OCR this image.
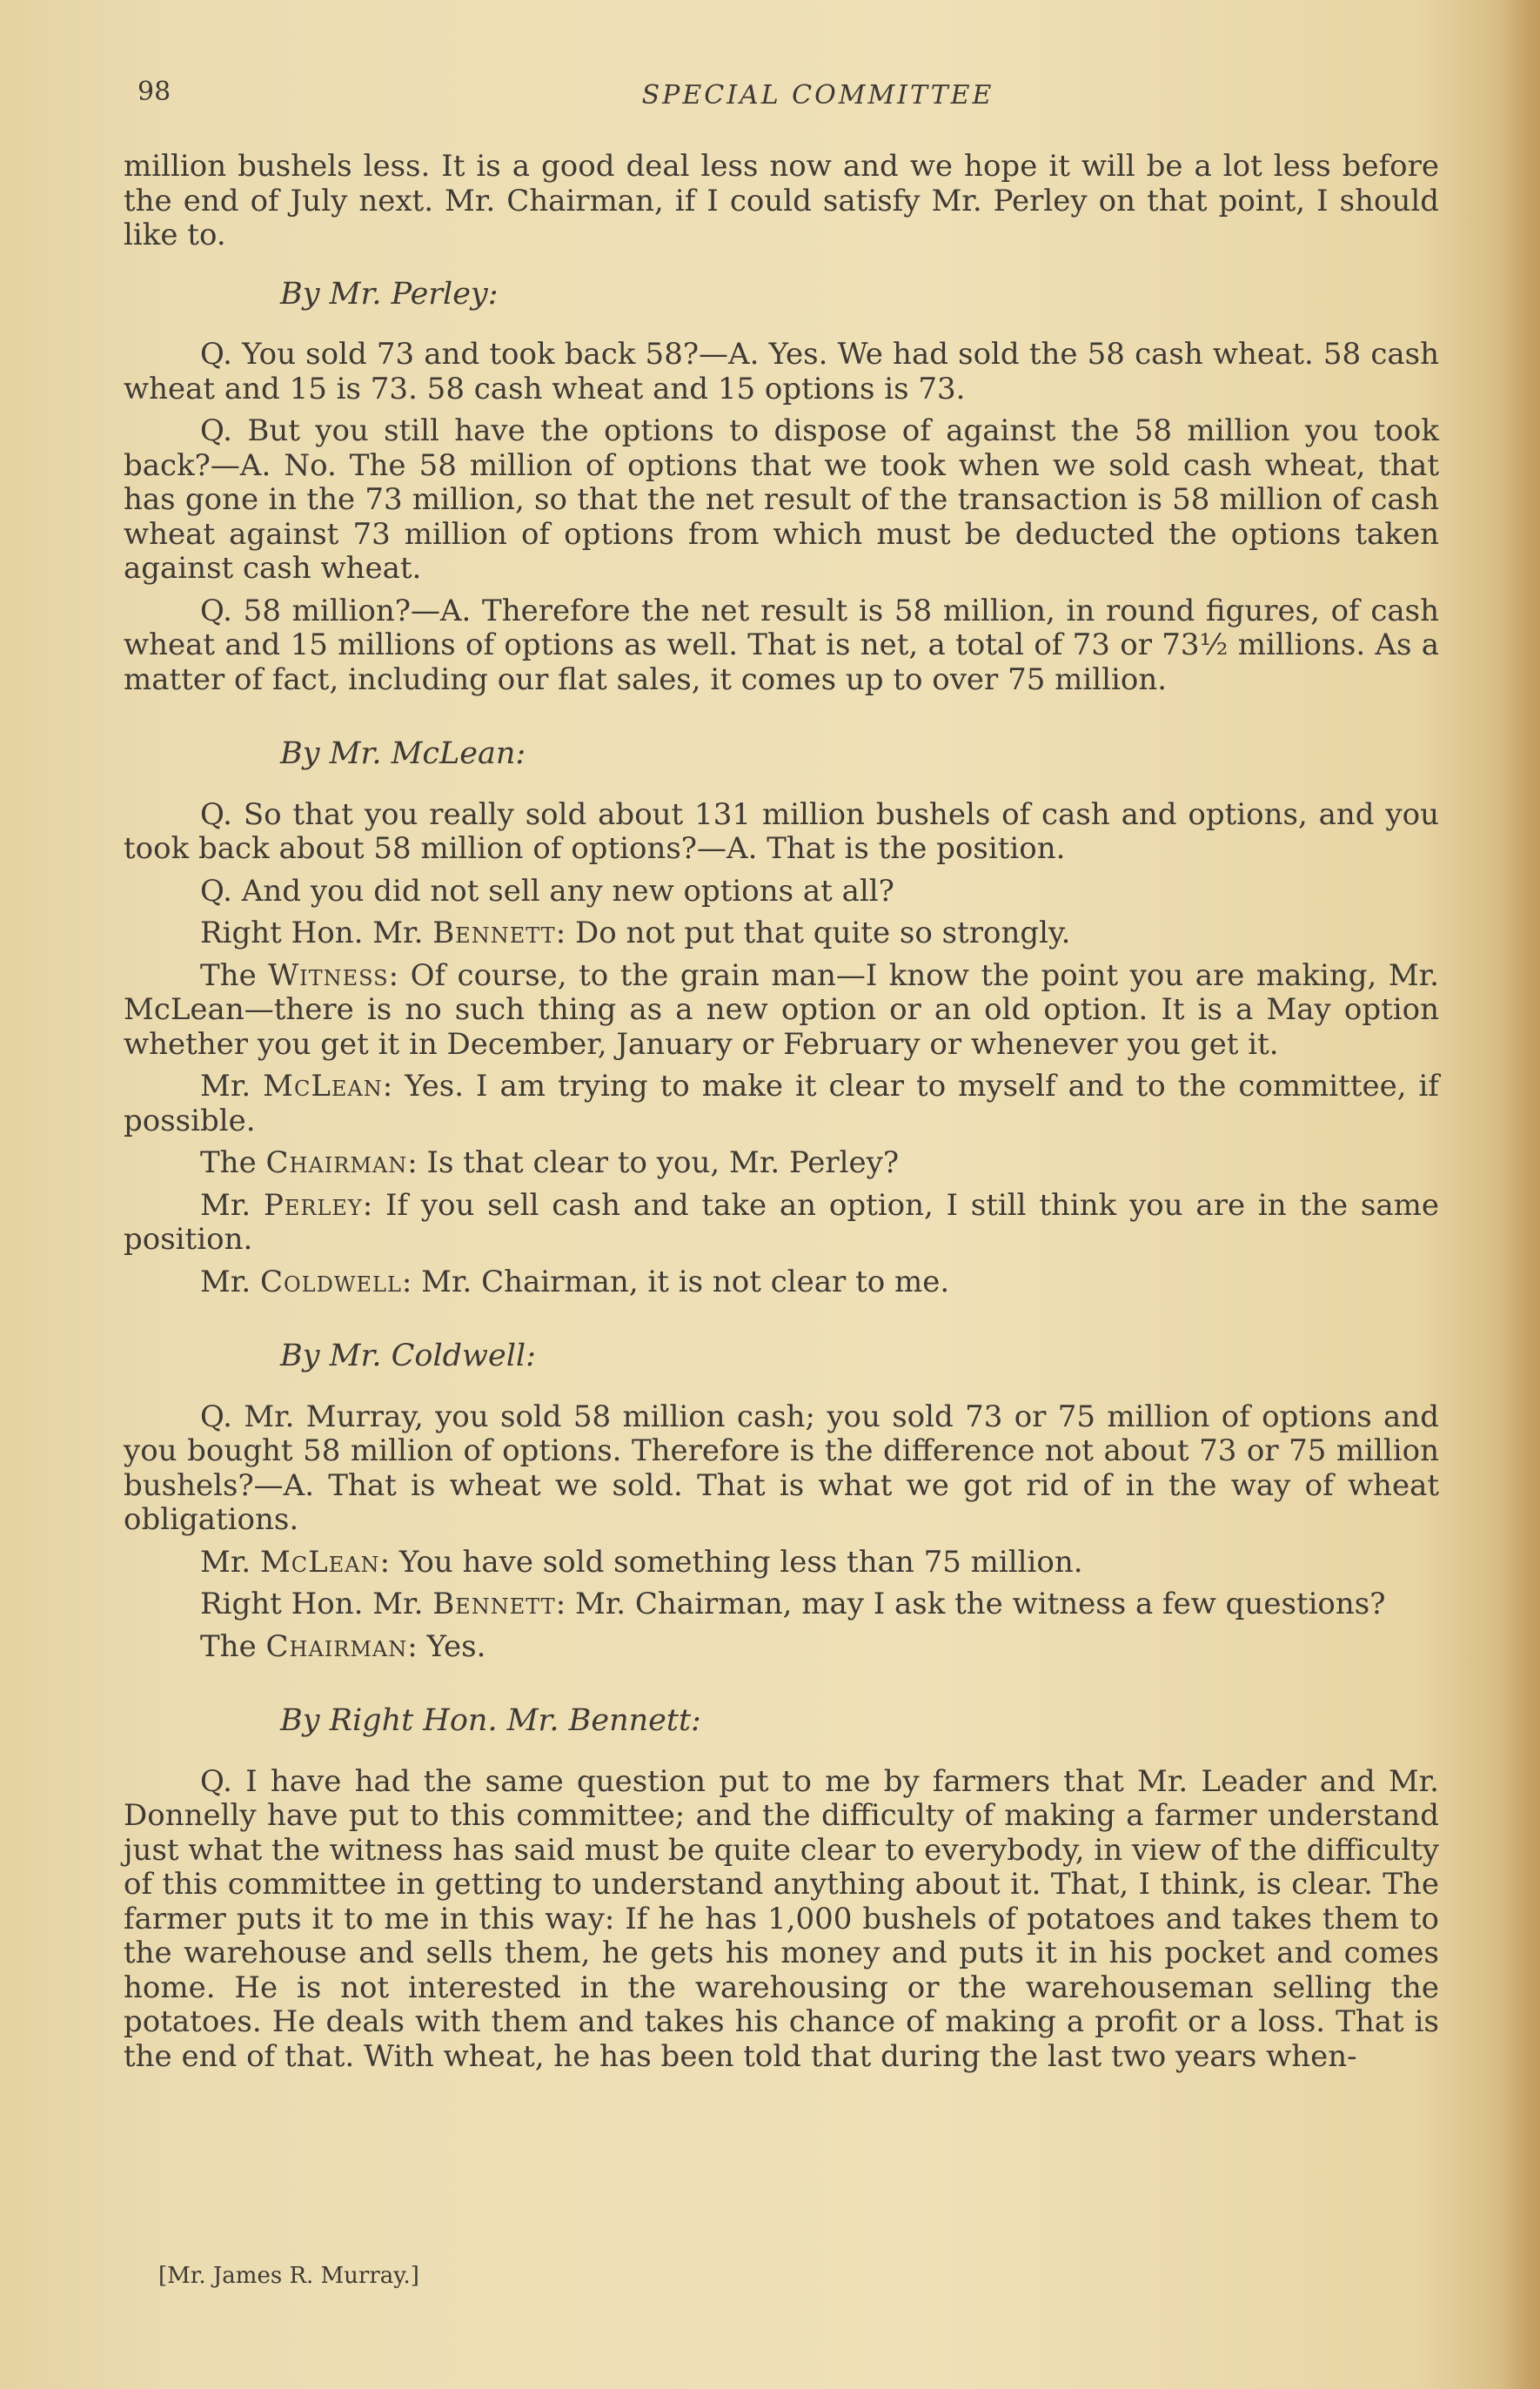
98	SPECIAL COMMITTEE

million bushels less. It is a good deal less now and we hope it will be a lot less before the end of July next. Mr. Chairman, if I could satisfy Mr. Perley on that point, I should like to.

By Mr. Perley:

Q. You sold 73 and took back 58?—A. Yes. We had sold the 58 cash wheat. 58 cash wheat and 15 is 73. 58 cash wheat and 15 options is 73.

Q. But you still have the options to dispose of against the 58 million you took back?—A. No. The 58 million of options that we took when we sold cash wheat, that has gone in the 73 million, so that the net result of the transaction is 58 million of cash wheat against 73 million of options from which must be deducted the options taken against cash wheat.

Q. 58 million?—A. Therefore the net result is 58 million, in round figures, of cash wheat and 15 millions of options as well. That is net, a total of 73 or 73½ millions. As a matter of fact, including our flat sales, it comes up to over 75 million.

By Mr. McLean:

Q. So that you really sold about 131 million bushels of cash and options, and you took back about 58 million of options?—A. That is the position.

Q. And you did not sell any new options at all?

Right Hon. Mr. Bennett: Do not put that quite so strongly.

The Witness: Of course, to the grain man—I know the point you are making, Mr. McLean—there is no such thing as a new option or an old option. It is a May option whether you get it in December, January or February or whenever you get it.

Mr. McLean: Yes. I am trying to make it clear to myself and to the committee, if possible.

The Chairman: Is that clear to you, Mr. Perley?

Mr. Perley: If you sell cash and take an option, I still think you are in the same position.

Mr. Coldwell: Mr. Chairman, it is not clear to me.

By Mr. Coldwell:

Q. Mr. Murray, you sold 58 million cash; you sold 73 or 75 million of options and you bought 58 million of options. Therefore is the difference not about 73 or 75 million bushels?—A. That is wheat we sold. That is what we got rid of in the way of wheat obligations.

Mr. McLean: You have sold something less than 75 million.

Right Hon. Mr. Bennett: Mr. Chairman, may I ask the witness a few questions?

The Chairman: Yes.

By Right Hon. Mr. Bennett:

Q. I have had the same question put to me by farmers that Mr. Leader and Mr. Donnelly have put to this committee; and the difficulty of making a farmer understand just what the witness has said must be quite clear to everybody, in view of the difficulty of this committee in getting to understand anything about it. That, I think, is clear. The farmer puts it to me in this way: If he has 1,000 bushels of potatoes and takes them to the warehouse and sells them, he gets his money and puts it in his pocket and comes home. He is not interested in the warehousing or the warehouseman selling the potatoes. He deals with them and takes his chance of making a profit or a loss. That is the end of that. With wheat, he has been told that during the last two years when-

[Mr. James R. Murray.]
